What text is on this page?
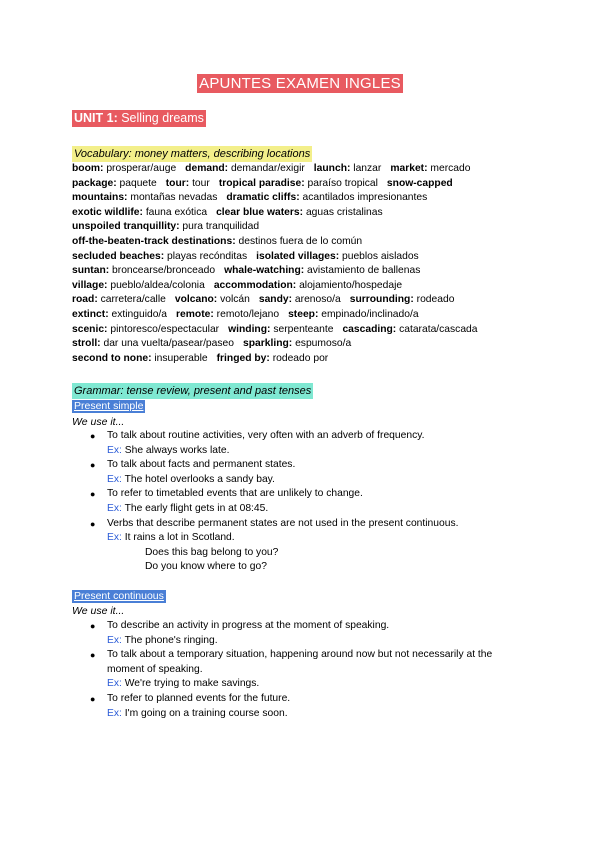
APUNTES EXAMEN INGLES
UNIT 1: Selling dreams
Vocabulary: money matters, describing locations
boom: prosperar/auge demand: demandar/exigir launch: lanzar market: mercado
package: paquete tour: tour tropical paradise: paraíso tropical snow-capped
mountains: montañas nevadas dramatic cliffs: acantilados impresionantes
exotic wildlife: fauna exótica clear blue waters: aguas cristalinas
unspoiled tranquillity: pura tranquilidad
off-the-beaten-track destinations: destinos fuera de lo común
secluded beaches: playas recónditas isolated villages: pueblos aislados
suntan: broncearse/bronceado whale-watching: avistamiento de ballenas
village: pueblo/aldea/colonia accommodation: alojamiento/hospedaje
road: carretera/calle volcano: volcán sandy: arenoso/a surrounding: rodeado
extinct: extinguido/a remote: remoto/lejano steep: empinado/inclinado/a
scenic: pintoresco/espectacular winding: serpenteante cascading: catarata/cascada
stroll: dar una vuelta/pasear/paseo sparkling: espumoso/a
second to none: insuperable fringed by: rodeado por
Grammar: tense review, present and past tenses
Present simple
We use it...
● To talk about routine activities, very often with an adverb of frequency.
Ex: She always works late.
● To talk about facts and permanent states.
Ex: The hotel overlooks a sandy bay.
● To refer to timetabled events that are unlikely to change.
Ex: The early flight gets in at 08:45.
● Verbs that describe permanent states are not used in the present continuous.
Ex: It rains a lot in Scotland.
Does this bag belong to you?
Do you know where to go?
Present continuous
We use it...
● To describe an activity in progress at the moment of speaking.
Ex: The phone's ringing.
● To talk about a temporary situation, happening around now but not necessarily at the
moment of speaking.
Ex: We're trying to make savings.
● To refer to planned events for the future.
Ex: I'm going on a training course soon.
